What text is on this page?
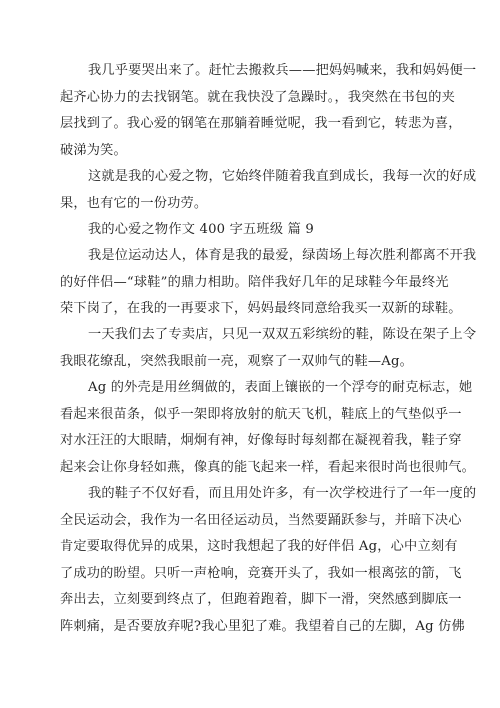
我几乎要哭出来了。赶忙去搬救兵——把妈妈喊来，我和妈妈便一
起齐心协力的去找钢笔。就在我快没了急躁时。，我突然在书包的夹
层找到了。我心爱的钢笔在那躺着睡觉呢，我一看到它，转悲为喜，
破涕为笑。
这就是我的心爱之物，它始终伴随着我直到成长，我每一次的好成
果，也有它的一份功劳。
我的心爱之物作文 400 字五班级 篇 9
我是位运动达人，体育是我的最爱，绿茵场上每次胜利都离不开我
的好伴侣—“球鞋”的鼎力相助。陪伴我好几年的足球鞋今年最终光
荣下岗了，在我的一再要求下，妈妈最终同意给我买一双新的球鞋。
一天我们去了专卖店，只见一双双五彩缤纷的鞋，陈设在架子上令
我眼花缭乱，突然我眼前一亮，观察了一双帅气的鞋—Ag。
Ag 的外壳是用丝绸做的，表面上镶嵌的一个浮夸的耐克标志，她
看起来很苗条，似乎一架即将放射的航天飞机，鞋底上的气垫似乎一
对水汪汪的大眼睛，炯炯有神，好像每时每刻都在凝视着我，鞋子穿
起来会让你身轻如燕，像真的能飞起来一样，看起来很时尚也很帅气。
我的鞋子不仅好看，而且用处许多，有一次学校进行了一年一度的
全民运动会，我作为一名田径运动员，当然要踊跃参与，并暗下决心
肯定要取得优异的成果，这时我想起了我的好伴侣 Ag，心中立刻有
了成功的盼望。只听一声枪响，竞赛开头了，我如一根离弦的箭，飞
奔出去，立刻要到终点了，但跑着跑着，脚下一滑，突然感到脚底一
阵刺痛，是否要放弃呢?我心里犯了难。我望着自己的左脚，Ag 仿佛
